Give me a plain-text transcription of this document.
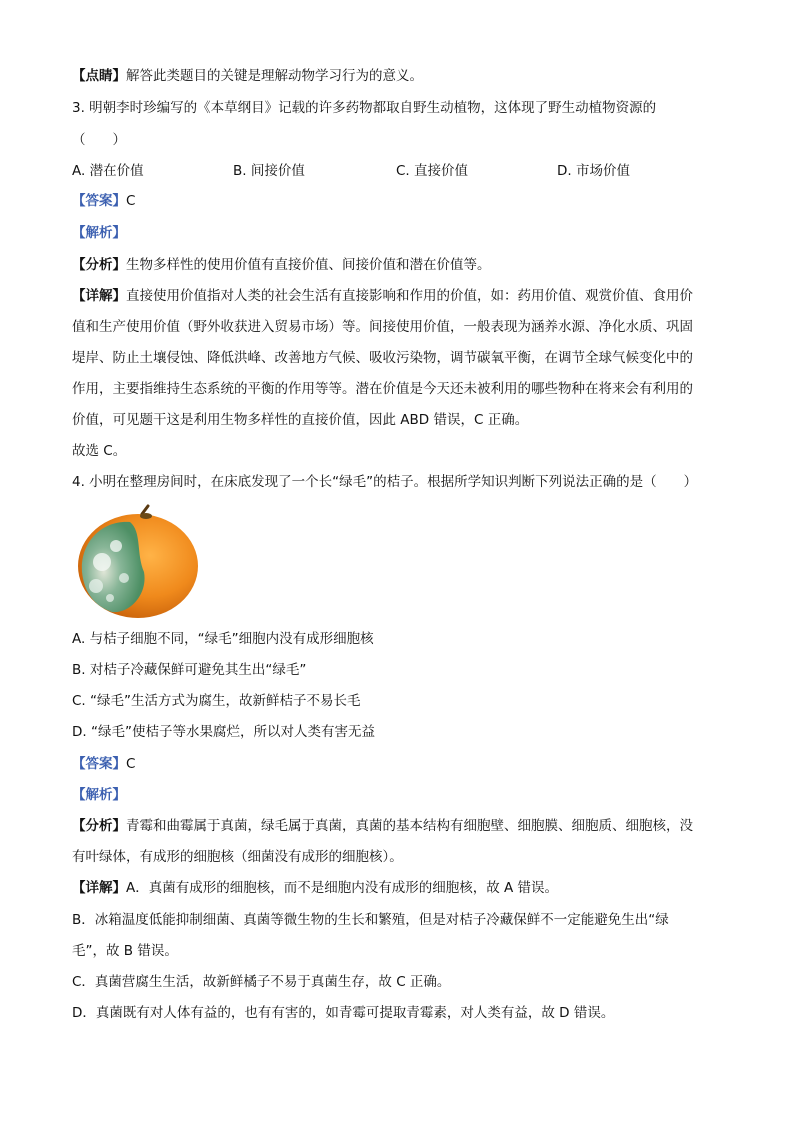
【点睛】解答此类题目的关键是理解动物学习行为的意义。
3. 明朝李时珍编写的《本草纲目》记载的许多药物都取自野生动植物，这体现了野生动植物资源的
（　　）
A. 潜在价值	B. 间接价值	C. 直接价值	D. 市场价值
【答案】C
【解析】
【分析】生物多样性的使用价值有直接价值、间接价值和潜在价值等。
【详解】直接使用价值指对人类的社会生活有直接影响和作用的价值，如：药用价值、观赏价值、食用价
值和生产使用价值（野外收获进入贸易市场）等。间接使用价值，一般表现为涵养水源、净化水质、巩固
堤岸、防止土壤侵蚀、降低洪峰、改善地方气候、吸收污染物，调节碳氧平衡，在调节全球气候变化中的
作用，主要指维持生态系统的平衡的作用等等。潜在价值是今天还未被利用的哪些物种在将来会有利用的
价值，可见题干这是利用生物多样性的直接价值，因此 ABD 错误，C 正确。
故选 C。
4. 小明在整理房间时，在床底发现了一个长“绿毛”的桔子。根据所学知识判断下列说法正确的是（　　）
A. 与桔子细胞不同，“绿毛”细胞内没有成形细胞核
B. 对桔子冷藏保鲜可避免其生出“绿毛”
C. “绿毛”生活方式为腐生，故新鲜桔子不易长毛
D. “绿毛”使桔子等水果腐烂，所以对人类有害无益
【答案】C
【解析】
【分析】青霉和曲霉属于真菌，绿毛属于真菌，真菌的基本结构有细胞壁、细胞膜、细胞质、细胞核，没
有叶绿体，有成形的细胞核（细菌没有成形的细胞核）。
【详解】A．真菌有成形的细胞核，而不是细胞内没有成形的细胞核，故 A 错误。
B．冰箱温度低能抑制细菌、真菌等微生物的生长和繁殖，但是对桔子冷藏保鲜不一定能避免生出“绿
毛”，故 B 错误。
C．真菌营腐生生活，故新鲜橘子不易于真菌生存，故 C 正确。
D．真菌既有对人体有益的，也有有害的，如青霉可提取青霉素，对人类有益，故 D 错误。
